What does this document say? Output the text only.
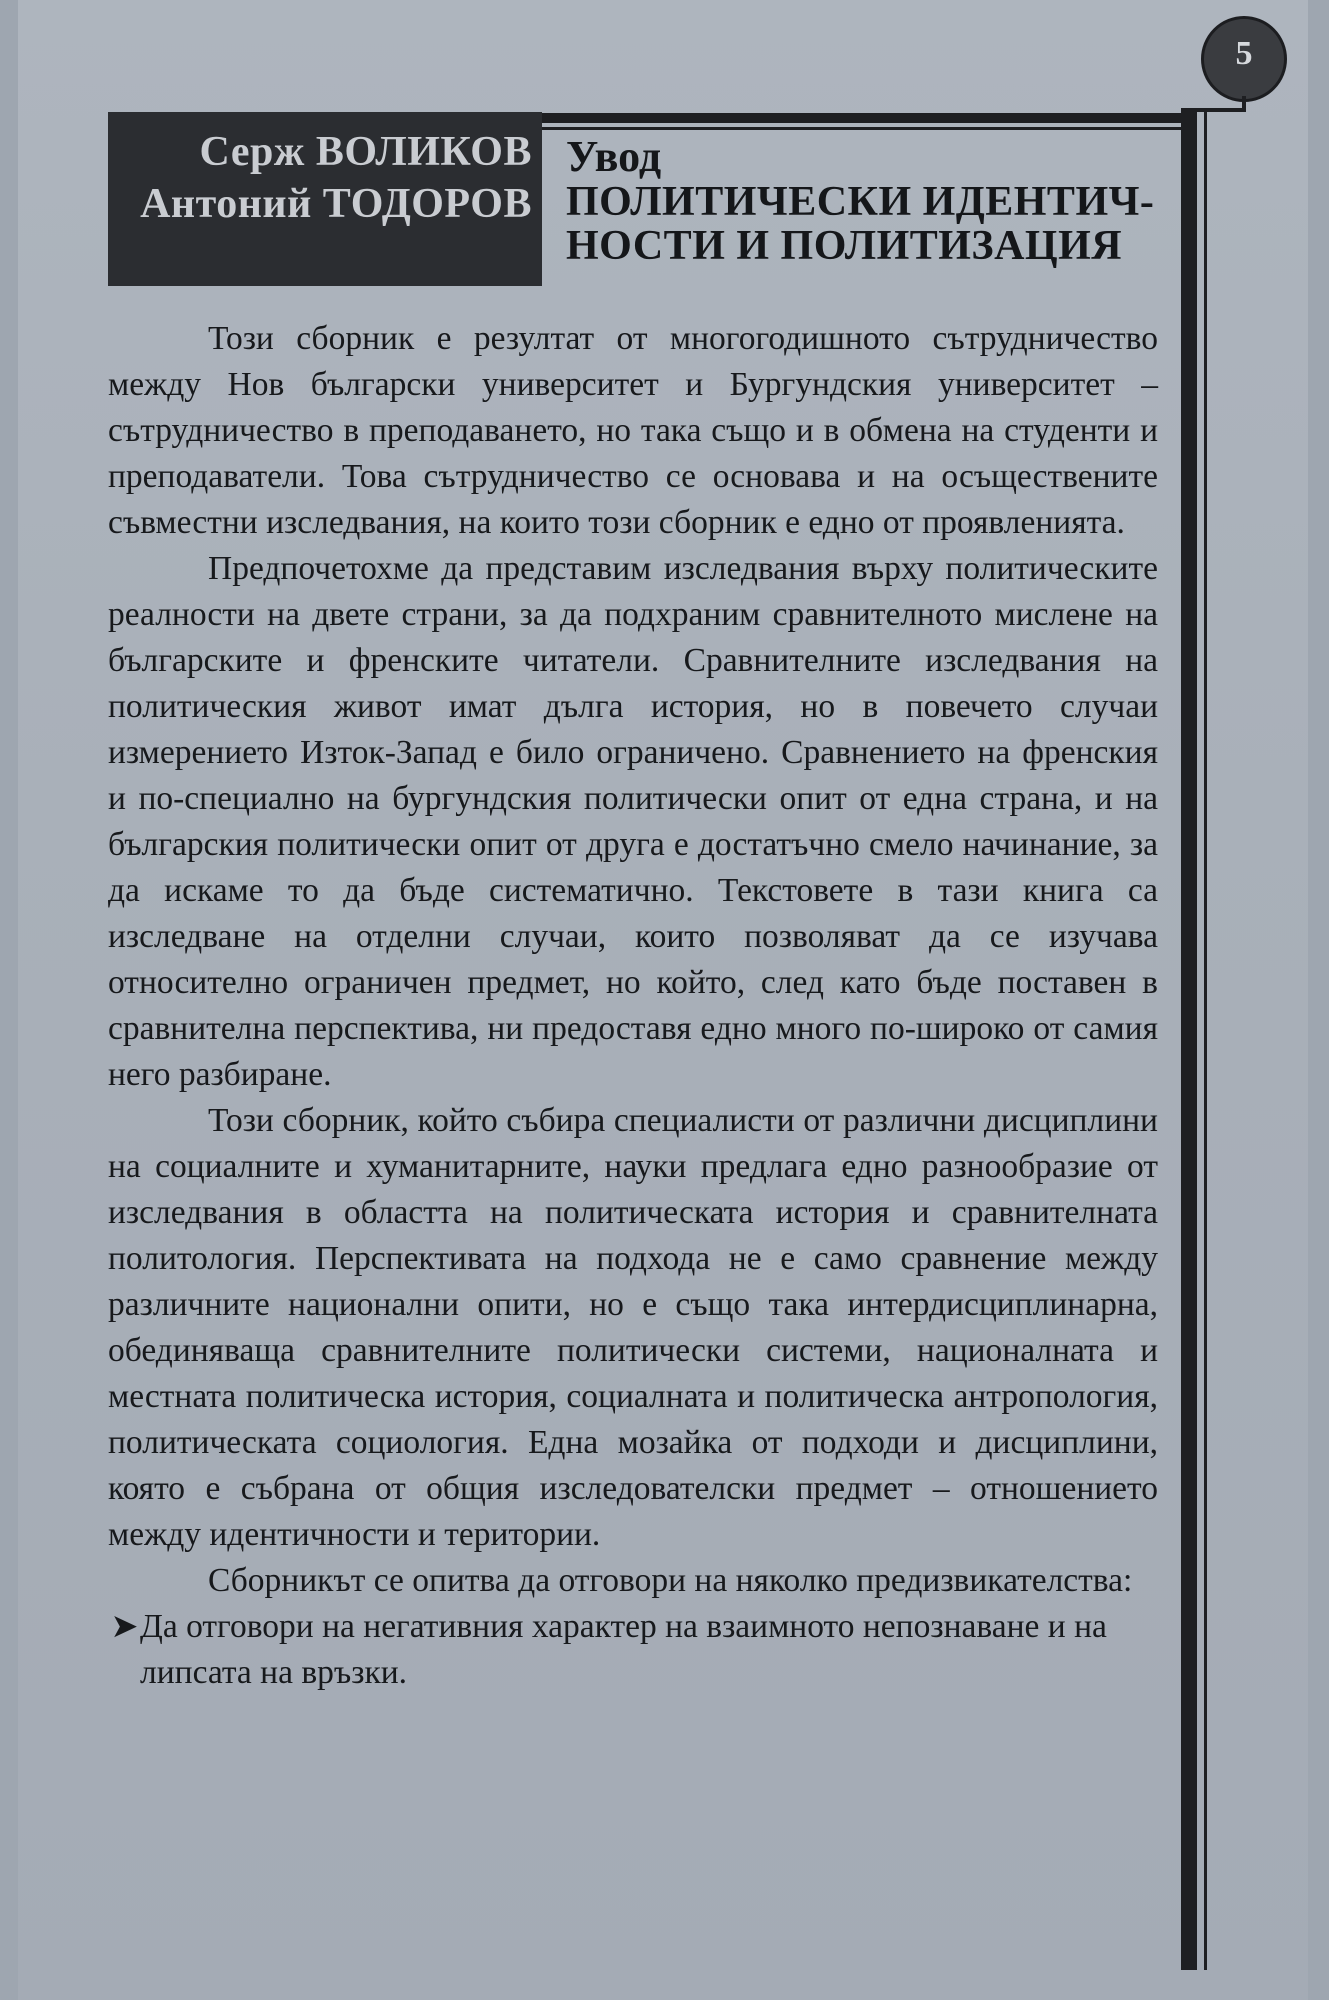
5
Серж ВОЛИКОВ
Антоний ТОДОРОВ
Увод
ПОЛИТИЧЕСКИ ИДЕНТИЧ-
НОСТИ И ПОЛИТИЗАЦИЯ

Този сборник е резултат от многогодишното сътрудничество между Нов български университет и Бургундския университет – сътрудничество в преподаването, но така също и в обмена на студенти и преподаватели. Това сътрудничество се основава и на осъществените съвместни изследвания, на които този сборник е едно от проявленията.

Предпочетохме да представим изследвания върху политическите реалности на двете страни, за да подхраним сравнителното мислене на българските и френските читатели. Сравнителните изследвания на политическия живот имат дълга история, но в повечето случаи измерението Изток-Запад е било ограничено. Сравнението на френския и по-специално на бургундския политически опит от една страна, и на българския политически опит от друга е достатъчно смело начинание, за да искаме то да бъде систематично. Текстовете в тази книга са изследване на отделни случаи, които позволяват да се изучава относително ограничен предмет, но който, след като бъде поставен в сравнителна перспектива, ни предоставя едно много по-широко от самия него разбиране.

Този сборник, който събира специалисти от различни дисциплини на социалните и хуманитарните, науки предлага едно разнообразие от изследвания в областта на политическата история и сравнителната политология. Перспективата на подхода не е само сравнение между различните национални опити, но е също така интердисциплинарна, обединяваща сравнителните политически системи, националната и местната политическа история, социалната и политическа антропология, политическата социология. Една мозайка от подходи и дисциплини, която е събрана от общия изследователски предмет – отношението между идентичности и територии.

Сборникът се опитва да отговори на няколко предизвикателства:

➤ Да отговори на негативния характер на взаимното непознаване и на липсата на връзки.
